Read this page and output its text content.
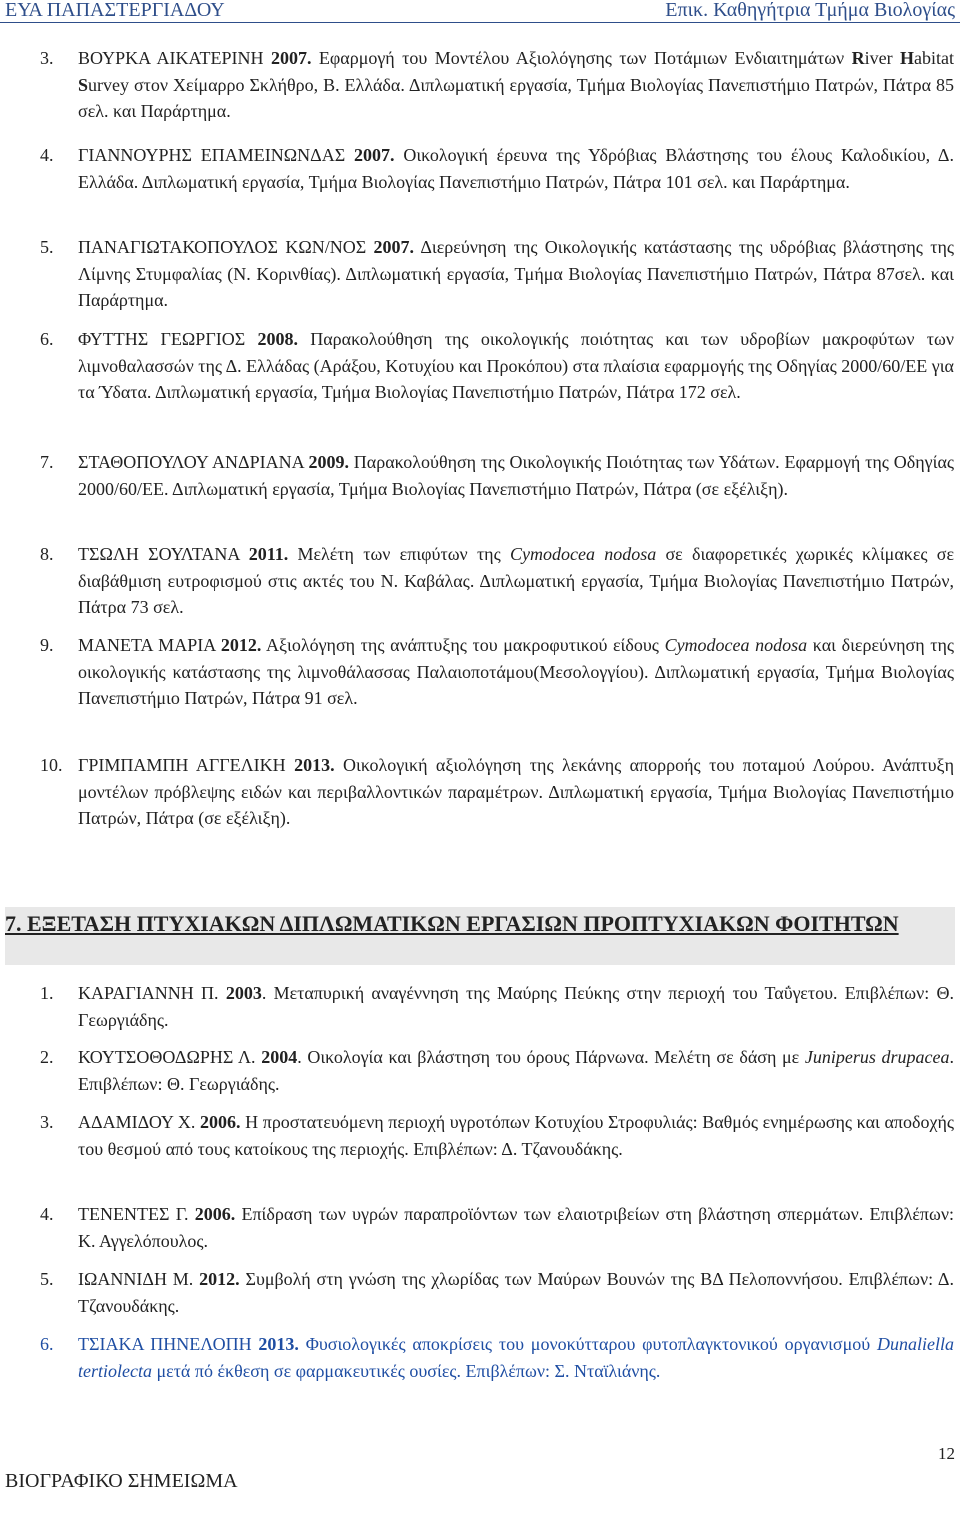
ΕΥΑ ΠΑΠΑΣΤΕΡΓΙΑΔΟΥ	Επικ. Καθηγήτρια Τμήμα Βιολογίας
3. ΒΟΥΡΚΑ ΑΙΚΑΤΕΡΙΝΗ 2007. Εφαρμογή του Μοντέλου Αξιολόγησης των Ποτάμιων Ενδιαιτημάτων River Habitat Survey στον Χείμαρρο Σκλήθρο, Β. Ελλάδα. Διπλωματική εργασία, Τμήμα Βιολογίας Πανεπιστήμιο Πατρών, Πάτρα 85 σελ. και Παράρτημα.
4. ΓΙΑΝΝΟΥΡΗΣ ΕΠΑΜΕΙΝΩΝΔΑΣ 2007. Οικολογική έρευνα της Υδρόβιας Βλάστησης του έλους Καλοδικίου, Δ. Ελλάδα. Διπλωματική εργασία, Τμήμα Βιολογίας Πανεπιστήμιο Πατρών, Πάτρα 101 σελ. και Παράρτημα.
5. ΠΑΝΑΓΙΩΤΑΚΟΠΟΥΛΟΣ ΚΩΝ/ΝΟΣ 2007. Διερεύνηση της Οικολογικής κατάστασης της υδρόβιας βλάστησης της Λίμνης Στυμφαλίας (Ν. Κορινθίας). Διπλωματική εργασία, Τμήμα Βιολογίας Πανεπιστήμιο Πατρών, Πάτρα 87σελ. και Παράρτημα.
6. ΦΥΤΤΗΣ ΓΕΩΡΓΙΟΣ 2008. Παρακολούθηση της οικολογικής ποιότητας και των υδροβίων μακροφύτων των λιμνοθαλασσών της Δ. Ελλάδας (Αράξου, Κοτυχίου και Προκόπου) στα πλαίσια εφαρμογής της Οδηγίας 2000/60/ΕΕ για τα Ύδατα. Διπλωματική εργασία, Τμήμα Βιολογίας Πανεπιστήμιο Πατρών, Πάτρα 172 σελ.
7. ΣΤΑΘΟΠΟΥΛΟΥ ΑΝΔΡΙΑΝΑ 2009. Παρακολούθηση της Οικολογικής Ποιότητας των Υδάτων. Εφαρμογή της Οδηγίας 2000/60/ΕΕ. Διπλωματική εργασία, Τμήμα Βιολογίας Πανεπιστήμιο Πατρών, Πάτρα (σε εξέλιξη).
8. ΤΣΩΛΗ ΣΟΥΛΤΑΝΑ 2011. Μελέτη των επιφύτων της Cymodocea nodosa σε διαφορετικές χωρικές κλίμακες σε διαβάθμιση ευτροφισμού στις ακτές του Ν. Καβάλας. Διπλωματική εργασία, Τμήμα Βιολογίας Πανεπιστήμιο Πατρών, Πάτρα 73 σελ.
9. ΜΑΝΕΤΑ ΜΑΡΙΑ 2012. Αξιολόγηση της ανάπτυξης του μακροφυτικού είδους Cymodocea nodosa και διερεύνηση της οικολογικής κατάστασης της λιμνοθάλασσας Παλαιοποτάμου(Μεσολογγίου). Διπλωματική εργασία, Τμήμα Βιολογίας Πανεπιστήμιο Πατρών, Πάτρα 91 σελ.
10. ΓΡΙΜΠΑΜΠΗ ΑΓΓΕΛΙΚΗ 2013. Οικολογική αξιολόγηση της λεκάνης απορροής του ποταμού Λούρου. Ανάπτυξη μοντέλων πρόβλεψης ειδών και περιβαλλοντικών παραμέτρων. Διπλωματική εργασία, Τμήμα Βιολογίας Πανεπιστήμιο Πατρών, Πάτρα (σε εξέλιξη).
7. ΕΞΕΤΑΣΗ ΠΤΥΧΙΑΚΩΝ ΔΙΠΛΩΜΑΤΙΚΩΝ ΕΡΓΑΣΙΩΝ ΠΡΟΠΤΥΧΙΑΚΩΝ ΦΟΙΤΗΤΩΝ
1. ΚΑΡΑΓΙΑΝΝΗ Π. 2003. Μεταπυρική αναγέννηση της Μαύρης Πεύκης στην περιοχή του Ταΰγετου. Επιβλέπων: Θ. Γεωργιάδης.
2. ΚΟΥΤΣΟΘΟΔΩΡΗΣ Λ. 2004. Οικολογία και βλάστηση του όρους Πάρνωνα. Μελέτη σε δάση με Juniperus drupacea. Επιβλέπων: Θ. Γεωργιάδης.
3. ΑΔΑΜΙΔΟΥ Χ. 2006. Η προστατευόμενη περιοχή υγροτόπων Κοτυχίου Στροφυλιάς: Βαθμός ενημέρωσης και αποδοχής του θεσμού από τους κατοίκους της περιοχής. Επιβλέπων: Δ. Τζανουδάκης.
4. ΤΕΝΕΝΤΕΣ Γ. 2006. Επίδραση των υγρών παραπροϊόντων των ελαιοτριβείων στη βλάστηση σπερμάτων. Επιβλέπων: Κ. Αγγελόπουλος.
5. ΙΩΑΝΝΙΔΗ Μ. 2012. Συμβολή στη γνώση της χλωρίδας των Μαύρων Βουνών της ΒΔ Πελοποννήσου. Επιβλέπων: Δ. Τζανουδάκης.
6. ΤΣΙΑΚΑ ΠΗΝΕΛΟΠΗ 2013. Φυσιολογικές αποκρίσεις του μονοκύτταρου φυτοπλαγκτονικού οργανισμού Dunaliella tertiolecta μετά πό έκθεση σε φαρμακευτικές ουσίες. Επιβλέπων: Σ. Νταϊλιάνης.
ΒΙΟΓΡΑΦΙΚΟ ΣΗΜΕΙΩΜΑ
12
